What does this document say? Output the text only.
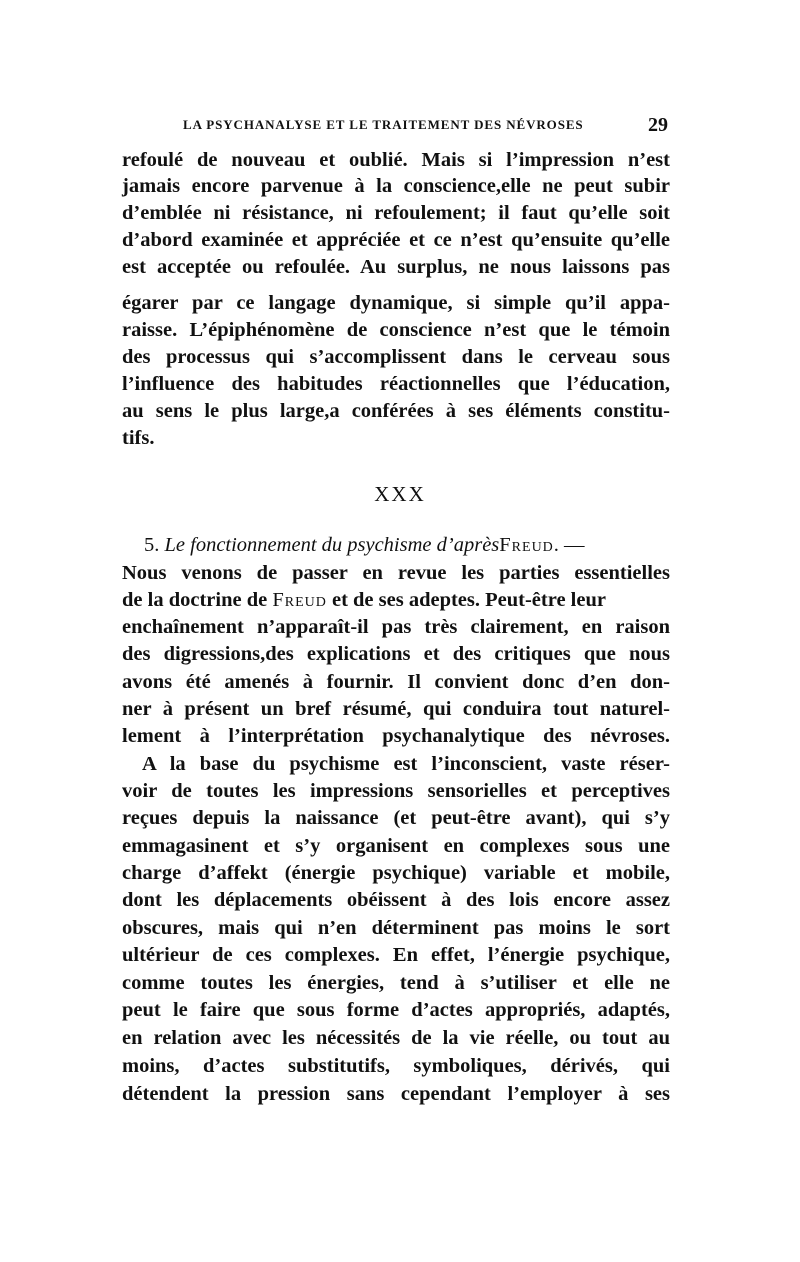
LA PSYCHANALYSE ET LE TRAITEMENT DES NÉVROSES	29
refoulé de nouveau et oublié. Mais si l’impression n’est
jamais encore parvenue à la conscience,elle ne peut subir
d’emblée ni résistance, ni refoulement; il faut qu’elle soit
d’abord examinée et appréciée et ce n’est qu’ensuite qu’elle
est acceptée ou refoulée. Au surplus, ne nous laissons pas
égarer par ce langage dynamique, si simple qu’il appa-
raisse. L’épiphénomène de conscience n’est que le témoin
des processus qui s’accomplissent dans le cerveau sous
l’influence des habitudes réactionnelles que l’éducation,
au sens le plus large,a conférées à ses éléments constitu-
tifs.
XXX
5. Le fonctionnement du psychisme d’aprèsFreud. —
Nous venons de passer en revue les parties essentielles
de la doctrine de Freud et de ses adeptes. Peut-être leur
enchaînement n’apparaît-il pas très clairement, en raison
des digressions,des explications et des critiques que nous
avons été amenés à fournir. Il convient donc d’en don-
ner à présent un bref résumé, qui conduira tout naturel-
lement à l’interprétation psychanalytique des névroses.
A la base du psychisme est l’inconscient, vaste réser-
voir de toutes les impressions sensorielles et perceptives
reçues depuis la naissance (et peut-être avant), qui s’y
emmagasinent et s’y organisent en complexes sous une
charge d’affekt (énergie psychique) variable et mobile,
dont les déplacements obéissent à des lois encore assez
obscures, mais qui n’en déterminent pas moins le sort
ultérieur de ces complexes. En effet, l’énergie psychique,
comme toutes les énergies, tend à s’utiliser et elle ne
peut le faire que sous forme d’actes appropriés, adaptés,
en relation avec les nécessités de la vie réelle, ou tout au
moins, d’actes substitutifs, symboliques, dérivés, qui
détendent la pression sans cependant l’employer à ses
